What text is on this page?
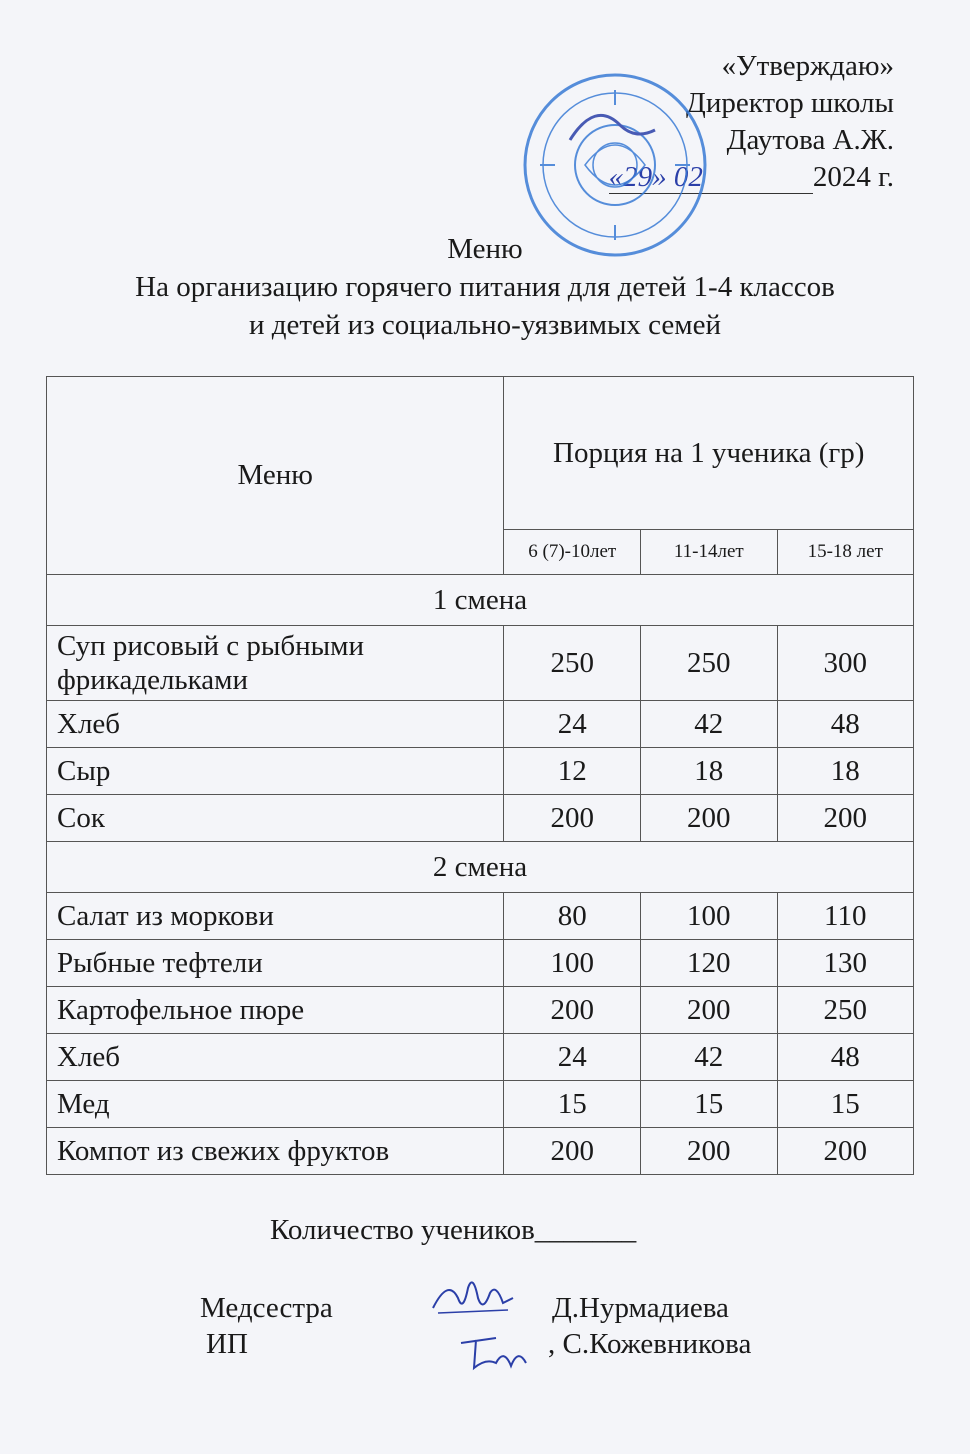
«Утверждаю»
Директор школы
Даутова А.Ж.
«29» 02	2024 г.
Меню
На организацию горячего питания для детей 1-4 классов
и детей из социально-уязвимых семей
Меню	Порция на 1 ученика (гр)		
	6 (7)-10лет	11-14лет	15-18 лет
1 смена			
Суп рисовый с рыбными фрикадельками	250	250	300
Хлеб	24	42	48
Сыр	12	18	18
Сок	200	200	200
2 смена			
Салат из моркови	80	100	110
Рыбные тефтели	100	120	130
Картофельное пюре	200	200	250
Хлеб	24	42	48
Мед	15	15	15
Компот из свежих фруктов	200	200	200
Количество учеников_______
Медсестра
ИП
Д.Нурмадиева
, С.Кожевникова
